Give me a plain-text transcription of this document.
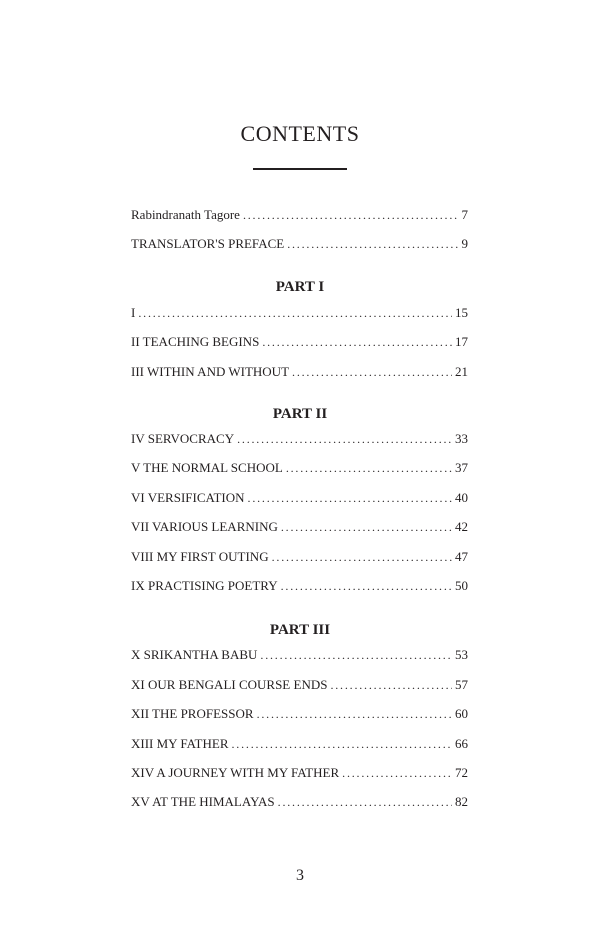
CONTENTS
Rabindranath Tagore . . .	7
TRANSLATOR'S PREFACE . . .	9
PART I
I . . .	15
II TEACHING BEGINS . . .	17
III WITHIN AND WITHOUT . . .	21
PART II
IV SERVOCRACY . . .	33
V THE NORMAL SCHOOL . . .	37
VI VERSIFICATION . . .	40
VII VARIOUS LEARNING . . .	42
VIII MY FIRST OUTING . . .	47
IX PRACTISING POETRY . . .	50
PART III
X SRIKANTHA BABU . . .	53
XI OUR BENGALI COURSE ENDS . . .	57
XII THE PROFESSOR . . .	60
XIII MY FATHER . . .	66
XIV A JOURNEY WITH MY FATHER . . .	72
XV AT THE HIMALAYAS . . .	82
3
